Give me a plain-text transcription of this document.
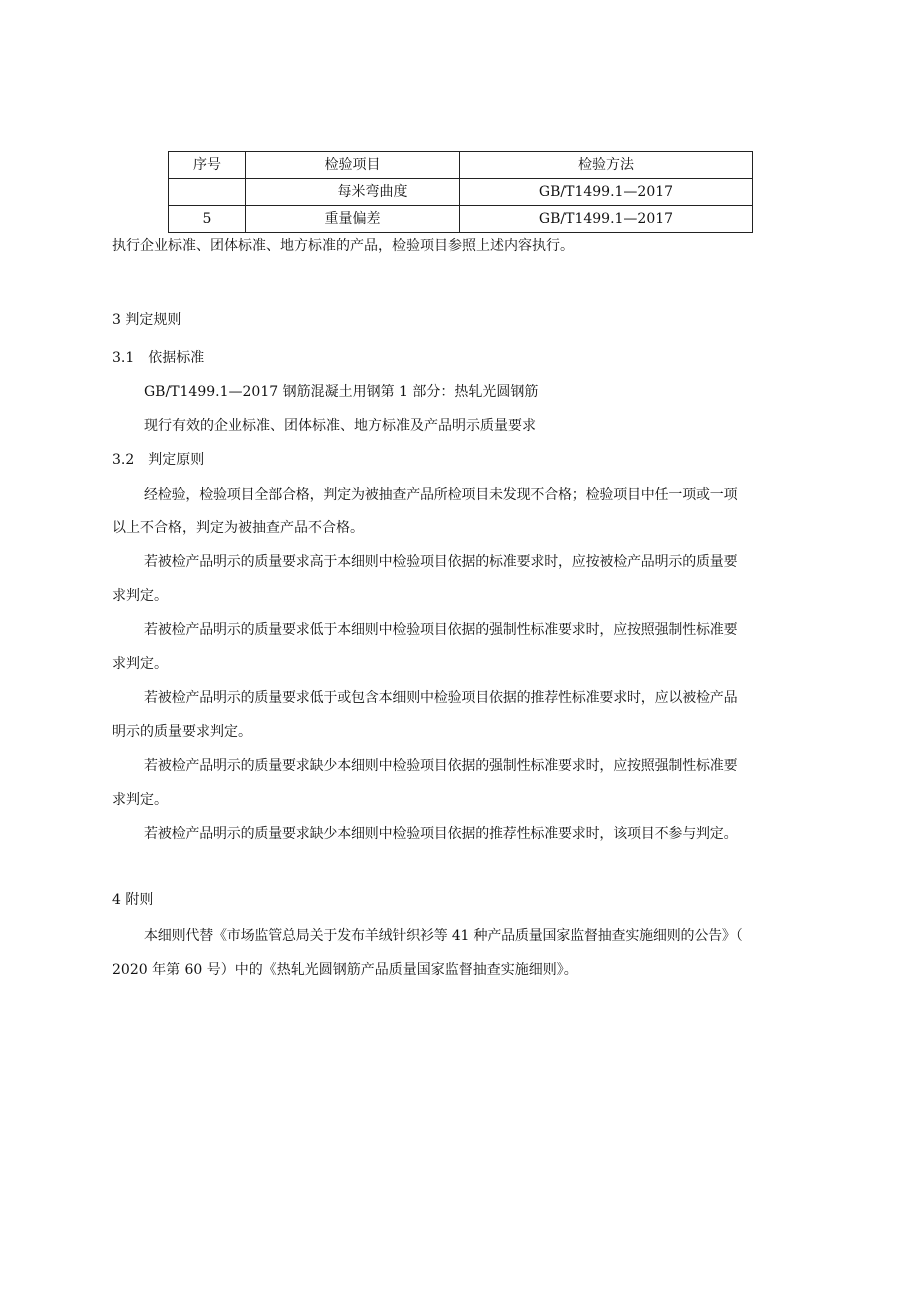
序号	检验项目	检验方法
	每米弯曲度	GB/T1499.1—2017
5	重量偏差	GB/T1499.1—2017

执行企业标准、团体标准、地方标准的产品，检验项目参照上述内容执行。

3 判定规则

3.1　依据标准

GB/T1499.1—2017 钢筋混凝土用钢第 1 部分：热轧光圆钢筋

现行有效的企业标准、团体标准、地方标准及产品明示质量要求

3.2　判定原则

经检验，检验项目全部合格，判定为被抽查产品所检项目未发现不合格；检验项目中任一项或一项

以上不合格，判定为被抽查产品不合格。

若被检产品明示的质量要求高于本细则中检验项目依据的标准要求时，应按被检产品明示的质量要

求判定。

若被检产品明示的质量要求低于本细则中检验项目依据的强制性标准要求时，应按照强制性标准要

求判定。

若被检产品明示的质量要求低于或包含本细则中检验项目依据的推荐性标准要求时，应以被检产品

明示的质量要求判定。

若被检产品明示的质量要求缺少本细则中检验项目依据的强制性标准要求时，应按照强制性标准要

求判定。

若被检产品明示的质量要求缺少本细则中检验项目依据的推荐性标准要求时，该项目不参与判定。

4 附则

本细则代替《市场监管总局关于发布羊绒针织衫等 41 种产品质量国家监督抽查实施细则的公告》（

2020 年第 60 号）中的《热轧光圆钢筋产品质量国家监督抽查实施细则》。
